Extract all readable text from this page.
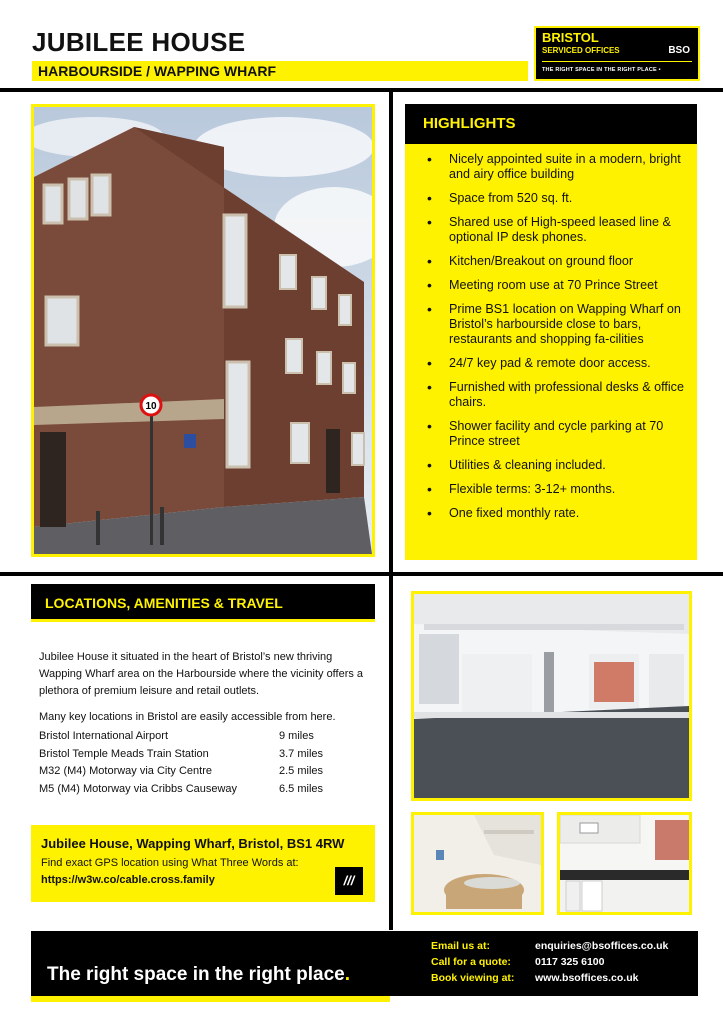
JUBILEE HOUSE
HARBOURSIDE / WAPPING WHARF
BRISTOL
SERVICED OFFICES	BSO
THE RIGHT SPACE IN THE RIGHT PLACE •
10
HIGHLIGHTS
• Nicely appointed suite in a modern, bright and airy office building
• Space from 520 sq. ft.
• Shared use of High-speed leased line & optional IP desk phones.
• Kitchen/Breakout on ground floor
• Meeting room use at 70 Prince Street
• Prime BS1 location on Wapping Wharf on Bristol’s harbourside close to bars, restaurants and shopping fa-cilities
• 24/7 key pad & remote door access.
• Furnished with professional desks & office chairs.
• Shower facility and cycle parking at 70 Prince street
• Utilities & cleaning included.
• Flexible terms: 3-12+ months.
• One fixed monthly rate.
LOCATIONS, AMENITIES & TRAVEL
Jubilee House it situated in the heart of Bristol’s new thriving Wapping Wharf area on the Harbourside where the vicinity offers a plethora of premium leisure and retail outlets.
Many key locations in Bristol are easily accessible from here.
Bristol International Airport	9 miles
Bristol Temple Meads Train Station	3.7 miles
M32 (M4) Motorway via City Centre	2.5 miles
M5 (M4) Motorway via Cribbs Causeway	6.5 miles
Jubilee House, Wapping Wharf, Bristol, BS1 4RW
Find exact GPS location using What Three Words at:
https://w3w.co/cable.cross.family	///
The right space in the right place.
Email us at:	enquiries@bsoffices.co.uk
Call for a quote:	0117 325 6100
Book viewing at:	www.bsoffices.co.uk
